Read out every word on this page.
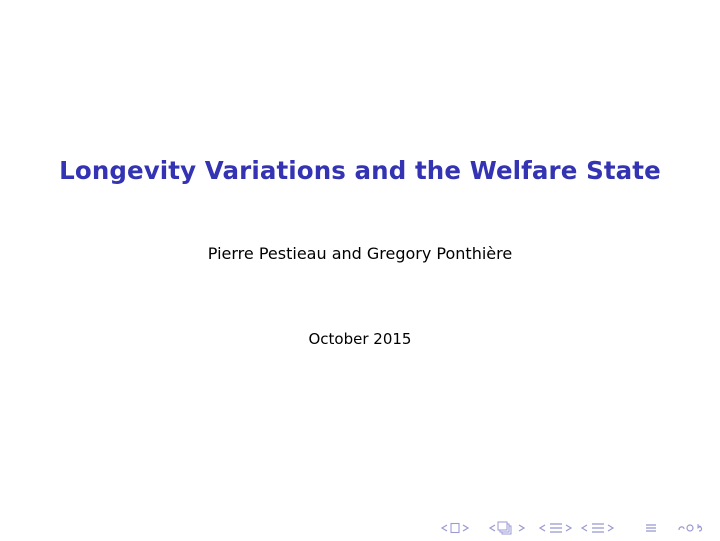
Longevity Variations and the Welfare State
Pierre Pestieau and Gregory Ponthière
October 2015
